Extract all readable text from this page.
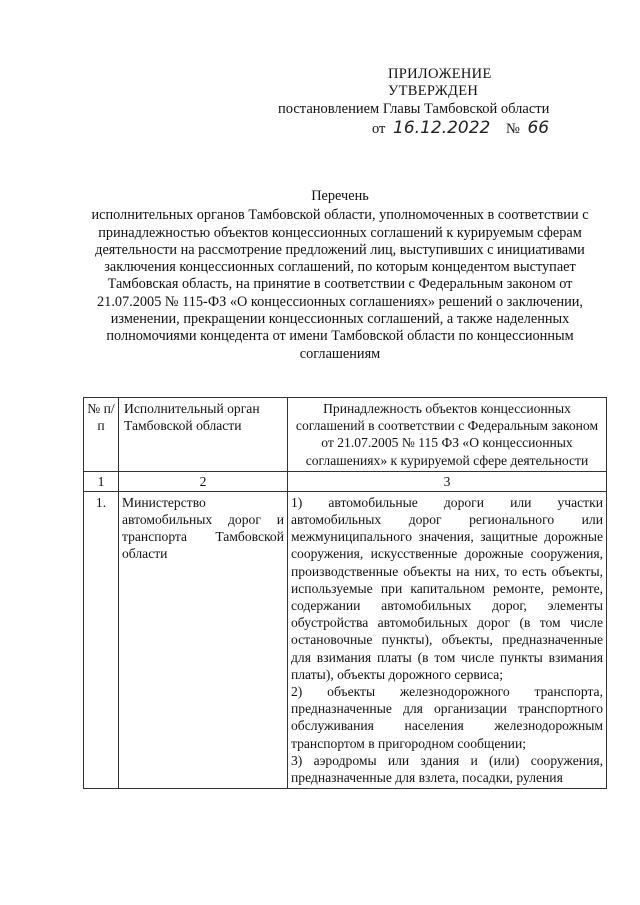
ПРИЛОЖЕНИЕ
УТВЕРЖДЕН
постановлением Главы Тамбовской области
от 16.12.2022 № 66
Перечень
исполнительных органов Тамбовской области, уполномоченных в соответствии с принадлежностью объектов концессионных соглашений к курируемым сферам деятельности на рассмотрение предложений лиц, выступивших с инициативами заключения концессионных соглашений, по которым концедентом выступает Тамбовская область, на принятие в соответствии с Федеральным законом от 21.07.2005 № 115-ФЗ «О концессионных соглашениях» решений о заключении, изменении, прекращении концессионных соглашений, а также наделенных полномочиями концедента от имени Тамбовской области по концессионным соглашениям
№ п/п	Исполнительный орган Тамбовской области	Принадлежность объектов концессионных соглашений в соответствии с Федеральным законом от 21.07.2005 № 115 ФЗ «О концессионных соглашениях» к курируемой сфере деятельности
1	2	3
1.	Министерство автомобильных дорог и транспорта Тамбовской области	1) автомобильные дороги или участки автомобильных дорог регионального или межмуниципального значения, защитные дорожные сооружения, искусственные дорожные сооружения, производственные объекты на них, то есть объекты, используемые при капитальном ремонте, ремонте, содержании автомобильных дорог, элементы обустройства автомобильных дорог (в том числе остановочные пункты), объекты, предназначенные для взимания платы (в том числе пункты взимания платы), объекты дорожного сервиса;
2) объекты железнодорожного транспорта, предназначенные для организации транспортного обслуживания населения железнодорожным транспортом в пригородном сообщении;
3) аэродромы или здания и (или) сооружения, предназначенные для взлета, посадки, руления
